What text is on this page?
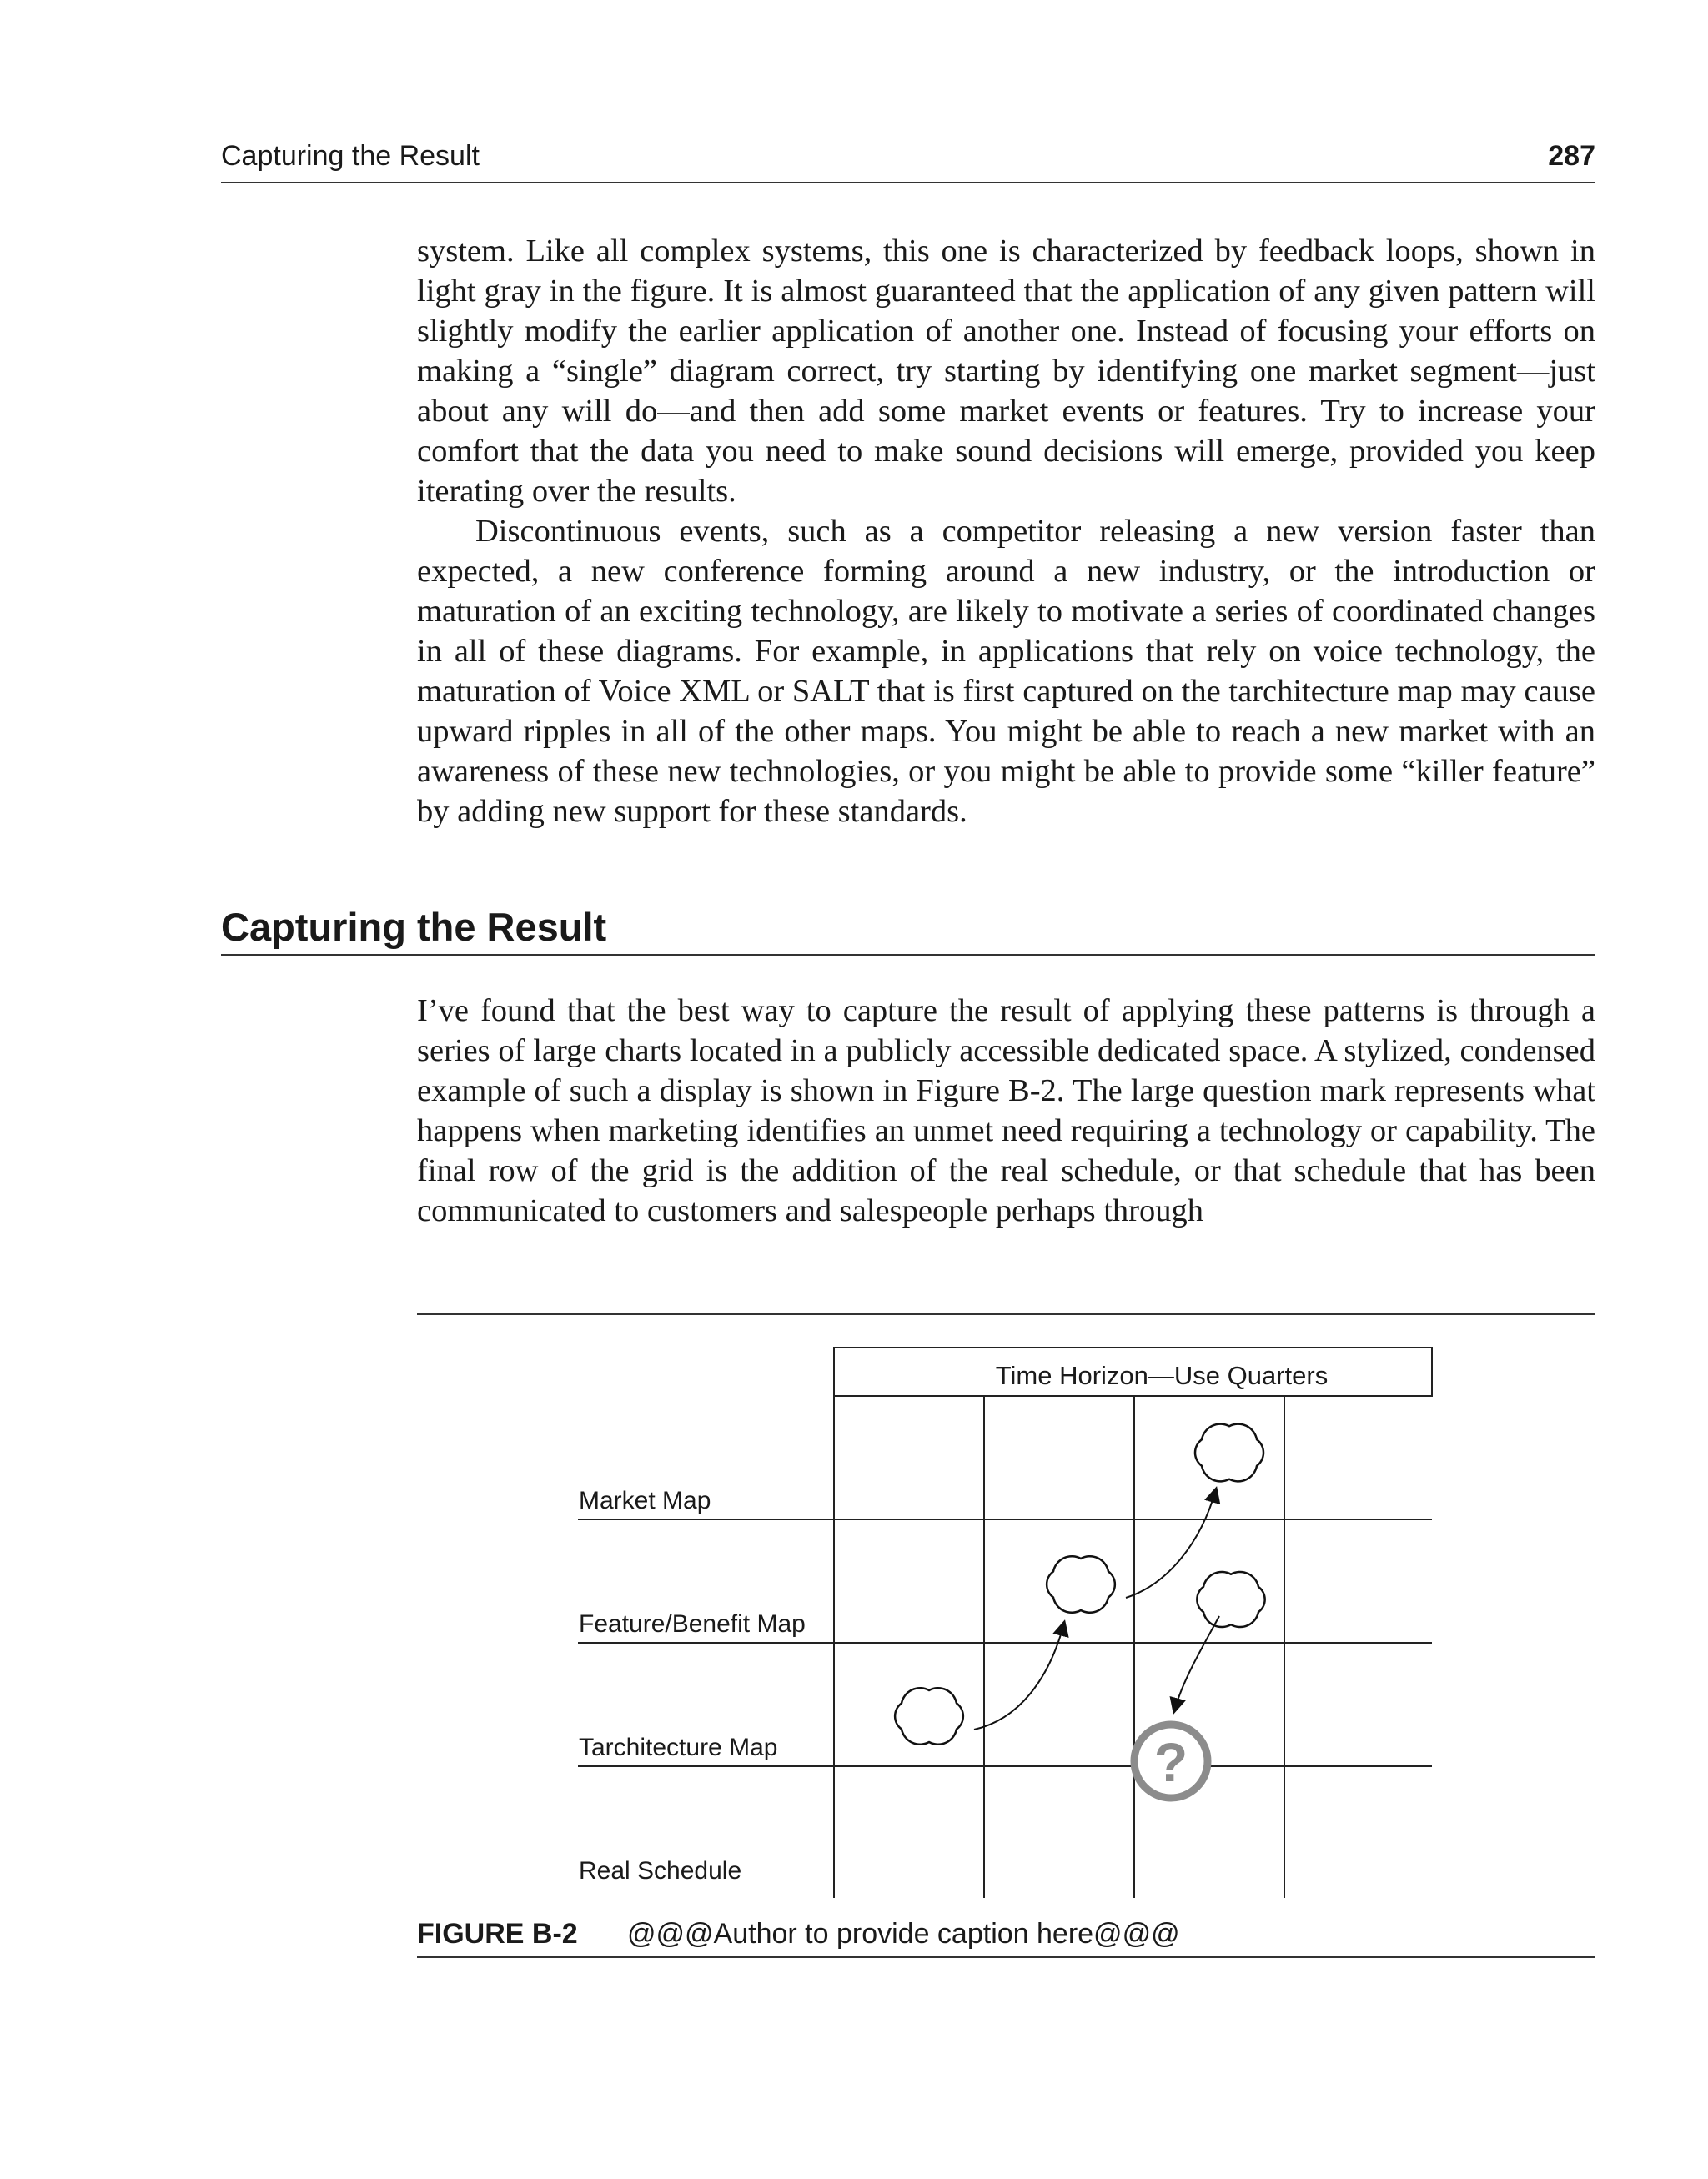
Capturing the Result	287

system. Like all complex systems, this one is characterized by feedback loops, shown in light gray in the figure. It is almost guaranteed that the application of any given pattern will slightly modify the earlier application of another one. Instead of focusing your efforts on making a “single” diagram correct, try starting by identifying one market segment—just about any will do—and then add some market events or features. Try to increase your comfort that the data you need to make sound decisions will emerge, provided you keep iterating over the results.

Discontinuous events, such as a competitor releasing a new version faster than expected, a new conference forming around a new industry, or the introduction or maturation of an exciting technology, are likely to motivate a series of coordinated changes in all of these diagrams. For example, in applications that rely on voice technology, the maturation of Voice XML or SALT that is first captured on the tarchitecture map may cause upward ripples in all of the other maps. You might be able to reach a new market with an awareness of these new technologies, or you might be able to provide some “killer feature” by adding new support for these standards.

Capturing the Result

I’ve found that the best way to capture the result of applying these patterns is through a series of large charts located in a publicly accessible dedicated space. A stylized, condensed example of such a display is shown in Figure B-2. The large question mark represents what happens when marketing identifies an unmet need requiring a technology or capability. The final row of the grid is the addition of the real schedule, or that schedule that has been communicated to customers and salespeople perhaps through

Time Horizon—Use Quarters
Market Map
Feature/Benefit Map
Tarchitecture Map
Real Schedule
?
FIGURE B-2 @@@Author to provide caption here@@@
